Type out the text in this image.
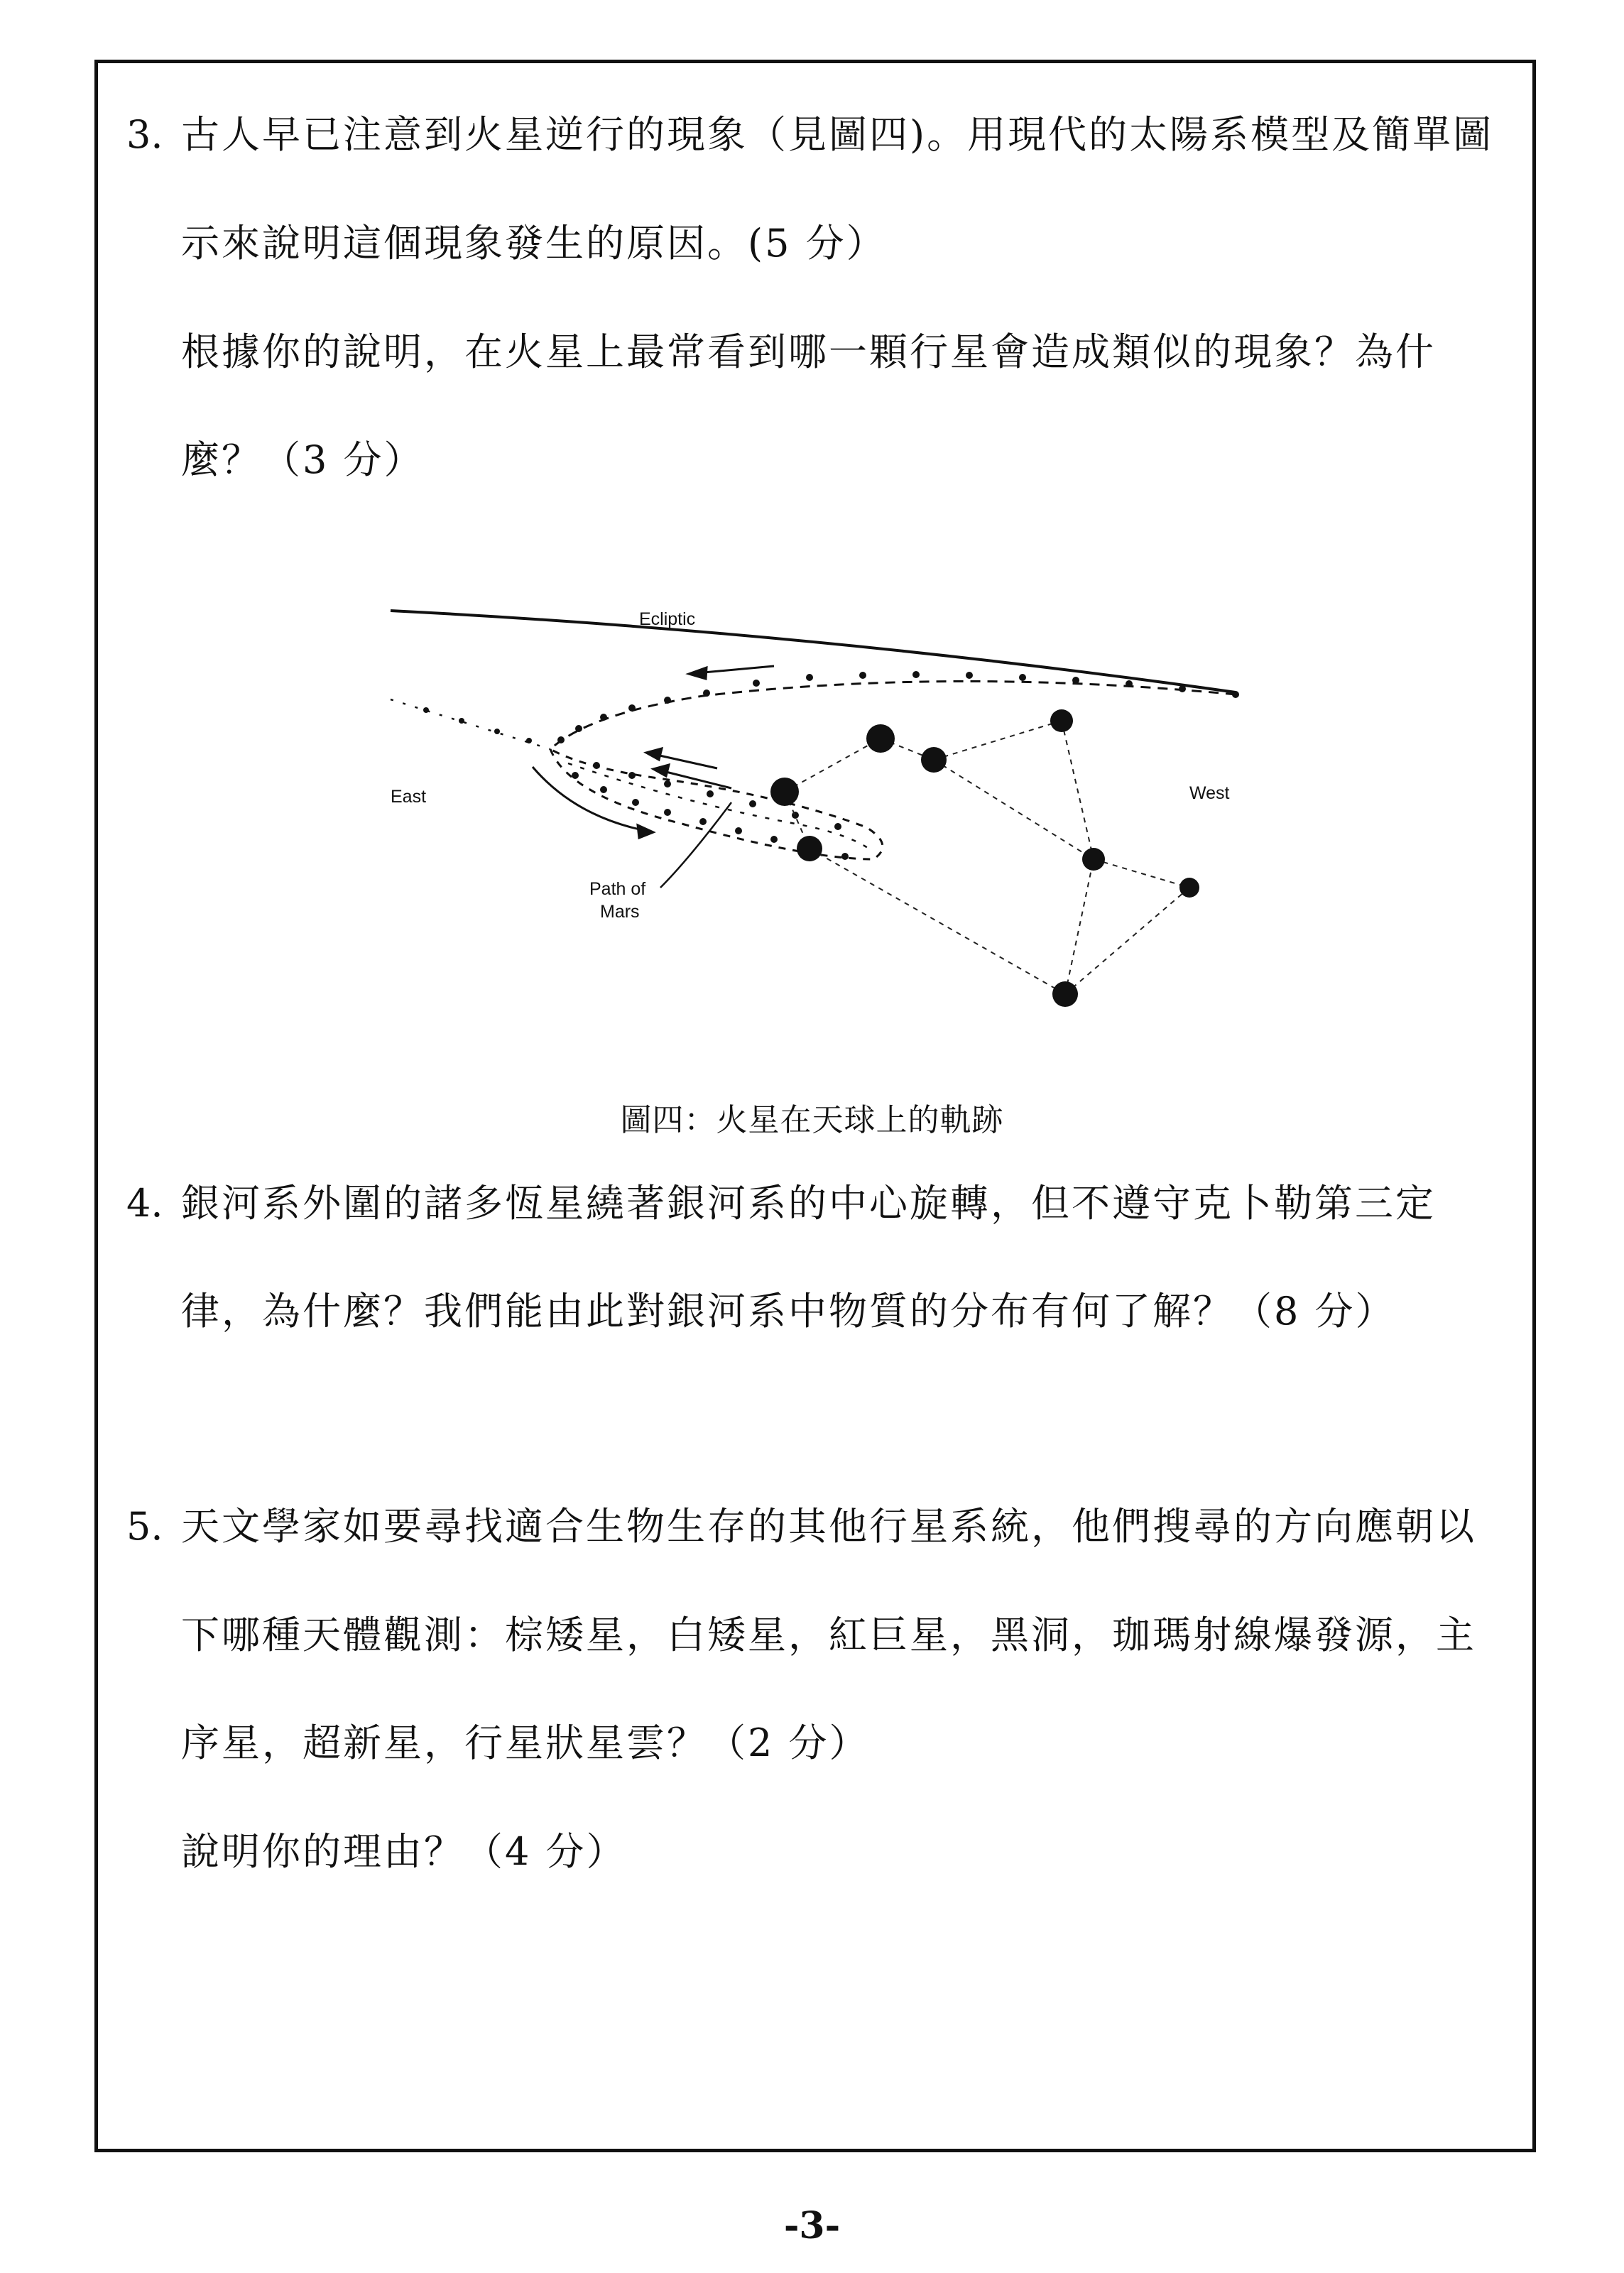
3. 古人早已注意到火星逆行的現象（見圖四)。用現代的太陽系模型及簡單圖
示來說明這個現象發生的原因。(5 分）
根據你的說明，在火星上最常看到哪一顆行星會造成類似的現象？為什
麼？（3 分）
Ecliptic
East	West
Path of
Mars
圖四：火星在天球上的軌跡
4. 銀河系外圍的諸多恆星繞著銀河系的中心旋轉，但不遵守克卜勒第三定
律，為什麼？我們能由此對銀河系中物質的分布有何了解？（8 分）
5. 天文學家如要尋找適合生物生存的其他行星系統，他們搜尋的方向應朝以
下哪種天體觀測：棕矮星，白矮星，紅巨星，黑洞，珈瑪射線爆發源，主
序星，超新星，行星狀星雲？（2 分）
說明你的理由？（4 分）
-3-
